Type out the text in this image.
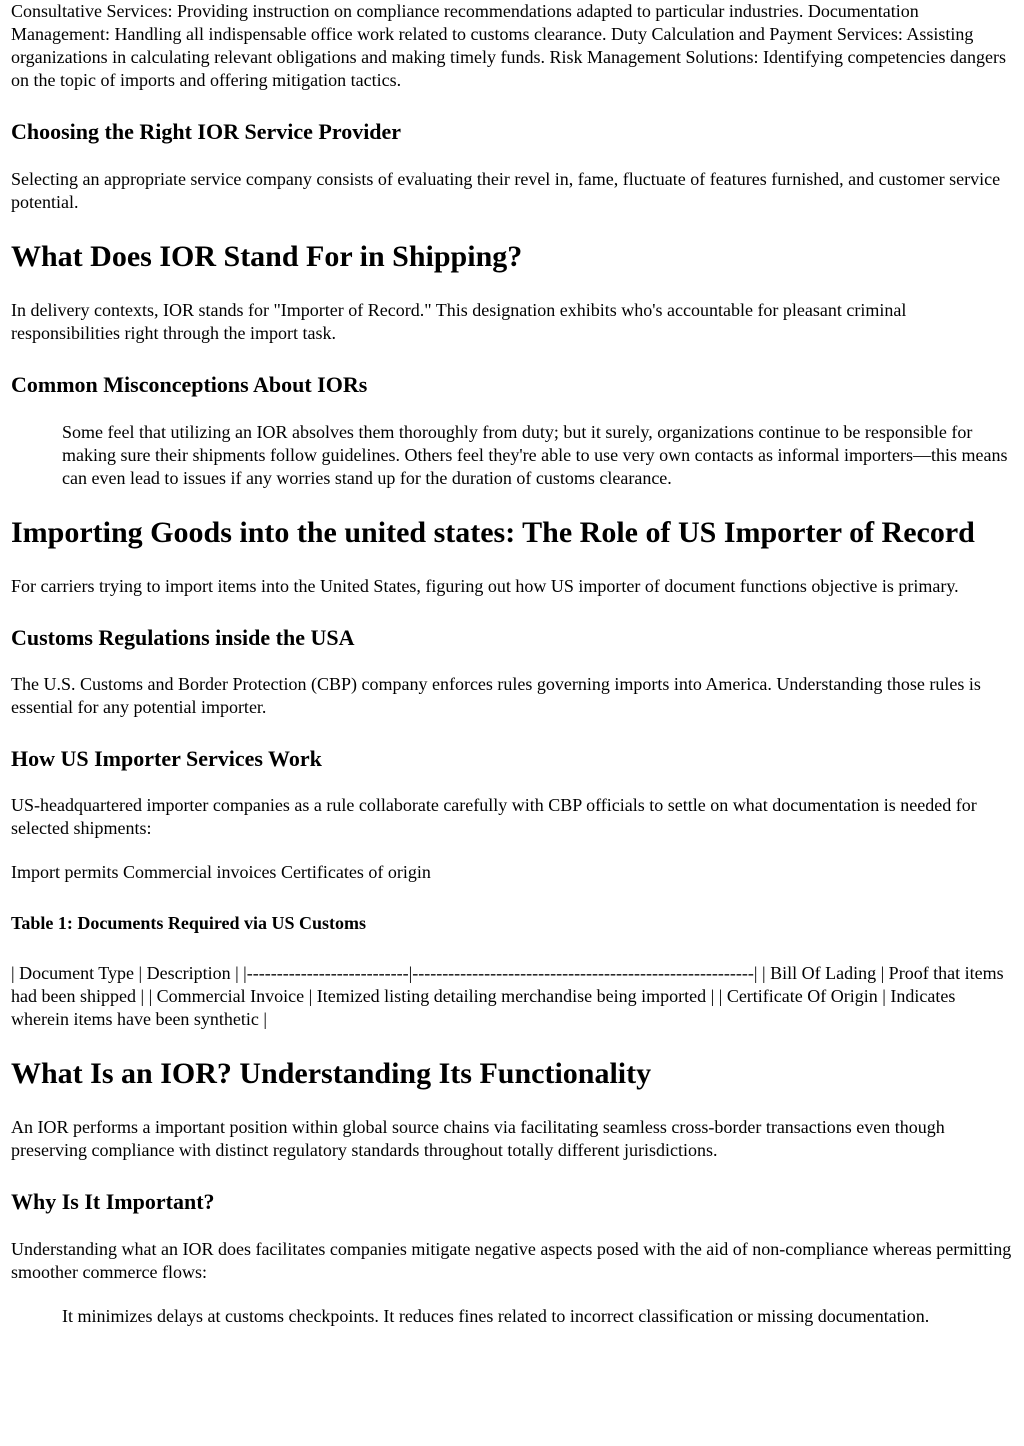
Consultative Services: Providing instruction on compliance recommendations adapted to particular industries. Documentation Management: Handling all indispensable office work related to customs clearance. Duty Calculation and Payment Services: Assisting organizations in calculating relevant obligations and making timely funds. Risk Management Solutions: Identifying competencies dangers on the topic of imports and offering mitigation tactics.

Choosing the Right IOR Service Provider

Selecting an appropriate service company consists of evaluating their revel in, fame, fluctuate of features furnished, and customer service potential.

What Does IOR Stand For in Shipping?

In delivery contexts, IOR stands for "Importer of Record." This designation exhibits who's accountable for pleasant criminal responsibilities right through the import task.

Common Misconceptions About IORs
Some feel that utilizing an IOR absolves them thoroughly from duty; but it surely, organizations continue to be responsible for making sure their shipments follow guidelines. Others feel they're able to use very own contacts as informal importers—this means can even lead to issues if any worries stand up for the duration of customs clearance.
Importing Goods into the united states: The Role of US Importer of Record

For carriers trying to import items into the United States, figuring out how US importer of document functions objective is primary.

Customs Regulations inside the USA

The U.S. Customs and Border Protection (CBP) company enforces rules governing imports into America. Understanding those rules is essential for any potential importer.

How US Importer Services Work

US-headquartered importer companies as a rule collaborate carefully with CBP officials to settle on what documentation is needed for selected shipments:

Import permits Commercial invoices Certificates of origin

Table 1: Documents Required via US Customs

| Document Type | Description | |---------------------------|---------------------------------------------------------| | Bill Of Lading | Proof that items had been shipped | | Commercial Invoice | Itemized listing detailing merchandise being imported | | Certificate Of Origin | Indicates wherein items have been synthetic |

What Is an IOR? Understanding Its Functionality

An IOR performs a important position within global source chains via facilitating seamless cross-border transactions even though preserving compliance with distinct regulatory standards throughout totally different jurisdictions.

Why Is It Important?

Understanding what an IOR does facilitates companies mitigate negative aspects posed with the aid of non-compliance whereas permitting smoother commerce flows:

It minimizes delays at customs checkpoints. It reduces fines related to incorrect classification or missing documentation.
